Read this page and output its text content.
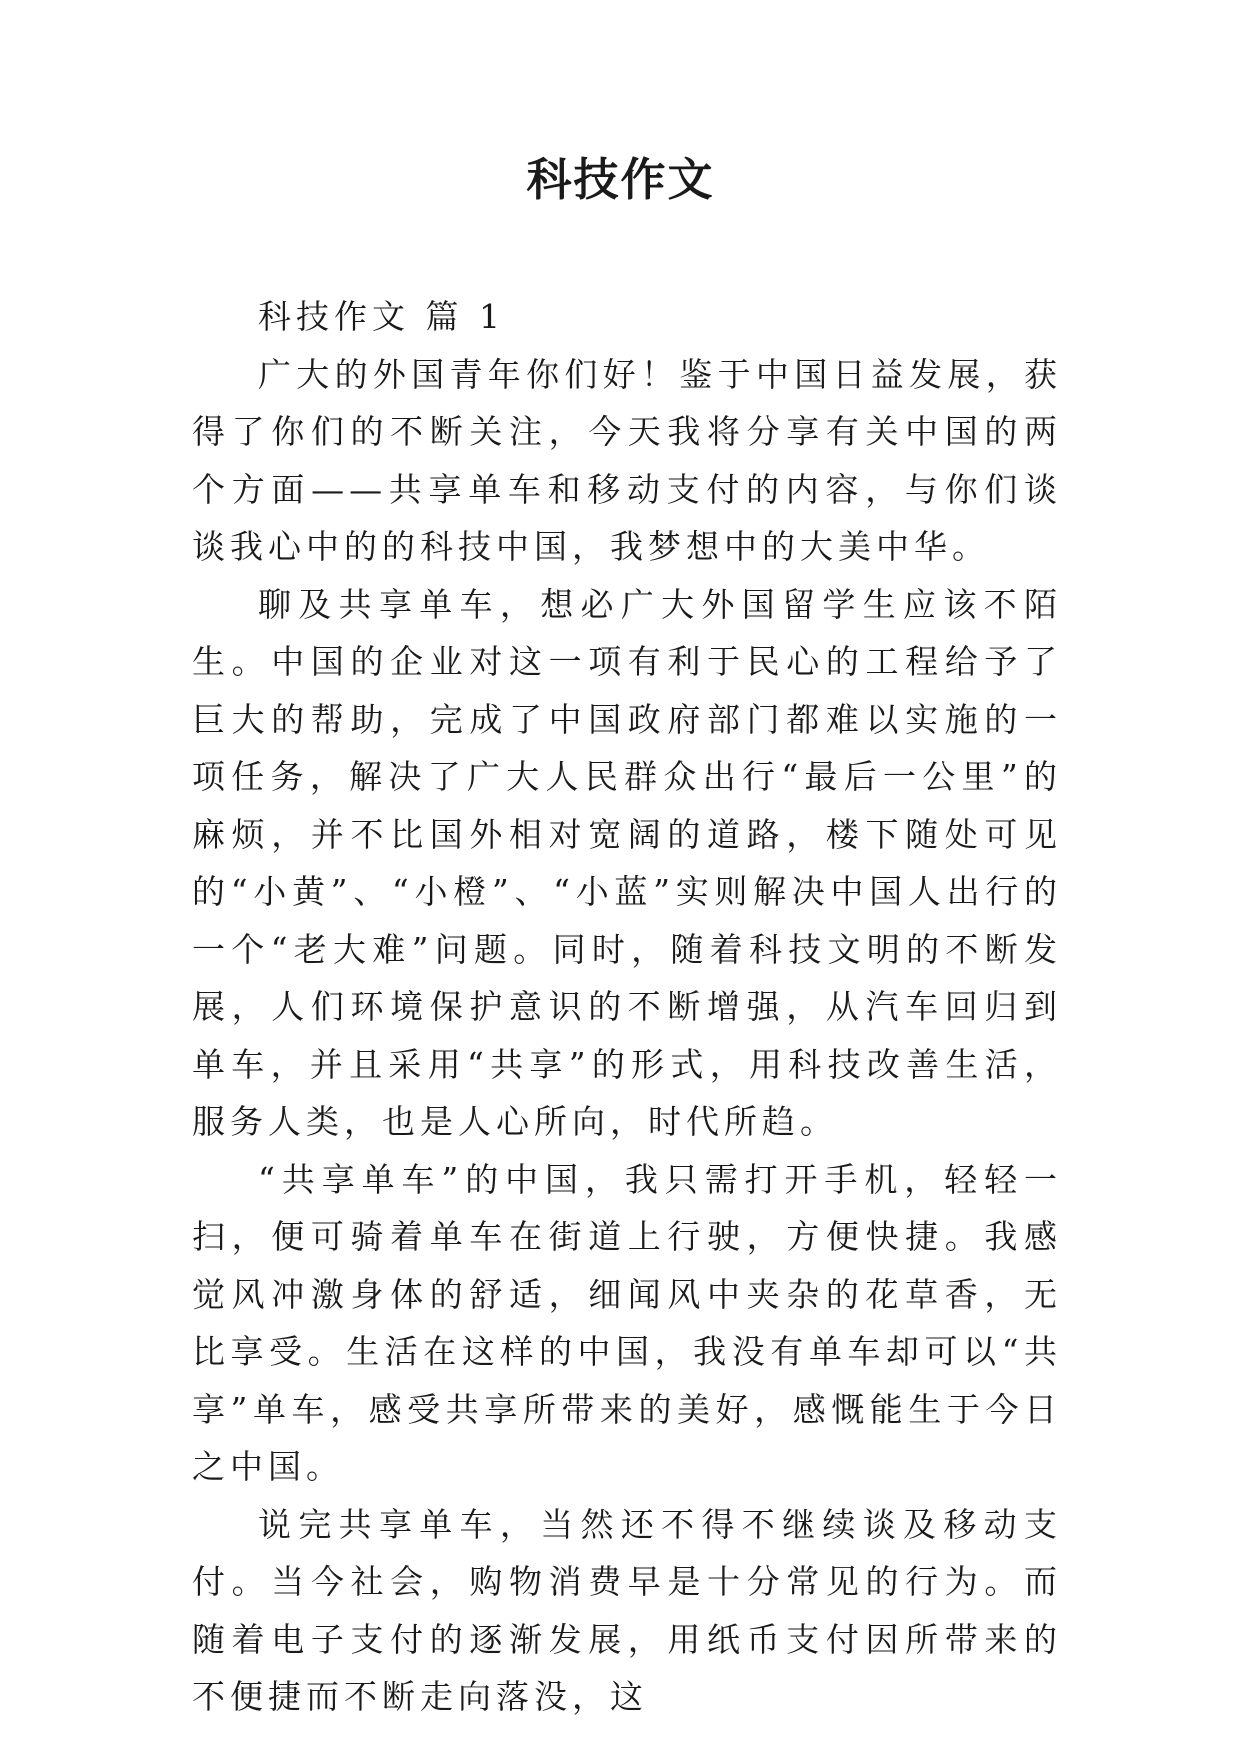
科技作文

科技作文 篇 1

广大的外国青年你们好！鉴于中国日益发展，获得了你们的不断关注，今天我将分享有关中国的两个方面——共享单车和移动支付的内容，与你们谈谈我心中的的科技中国，我梦想中的大美中华。

聊及共享单车，想必广大外国留学生应该不陌生。中国的企业对这一项有利于民心的工程给予了巨大的帮助，完成了中国政府部门都难以实施的一项任务，解决了广大人民群众出行“最后一公里”的麻烦，并不比国外相对宽阔的道路，楼下随处可见的“小黄”、“小橙”、“小蓝”实则解决中国人出行的一个“老大难”问题。同时，随着科技文明的不断发展，人们环境保护意识的不断增强，从汽车回归到单车，并且采用“共享”的形式，用科技改善生活，服务人类，也是人心所向，时代所趋。

“共享单车”的中国，我只需打开手机，轻轻一扫，便可骑着单车在街道上行驶，方便快捷。我感觉风冲激身体的舒适，细闻风中夹杂的花草香，无比享受。生活在这样的中国，我没有单车却可以“共享”单车，感受共享所带来的美好，感慨能生于今日之中国。

说完共享单车，当然还不得不继续谈及移动支付。当今社会，购物消费早是十分常见的行为。而随着电子支付的逐渐发展，用纸币支付因所带来的不便捷而不断走向落没，这
